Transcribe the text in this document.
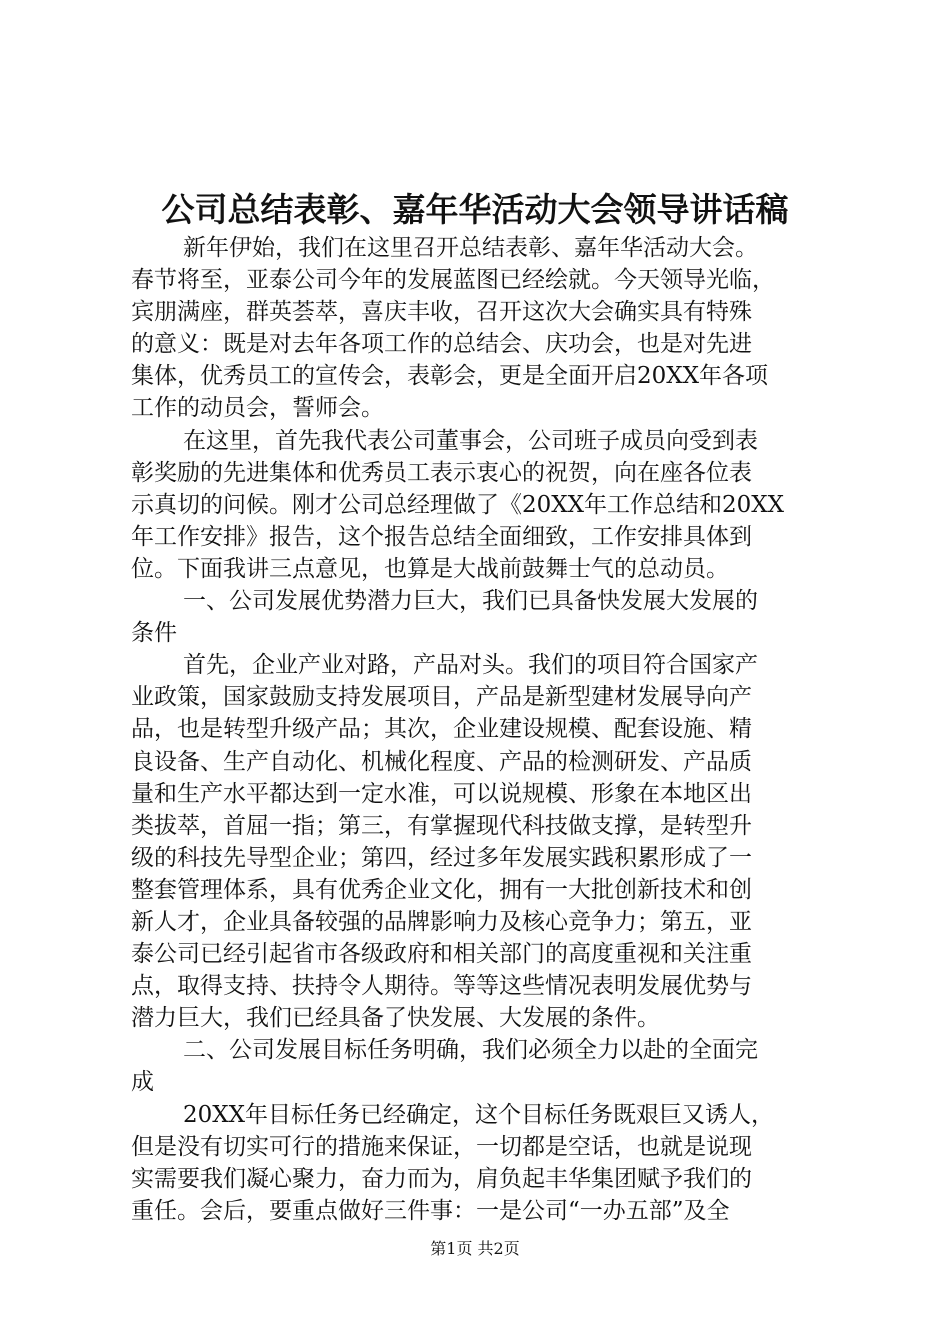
公司总结表彰、嘉年华活动大会领导讲话稿
新年伊始，我们在这里召开总结表彰、嘉年华活动大会。
春节将至，亚泰公司今年的发展蓝图已经绘就。今天领导光临，
宾朋满座，群英荟萃，喜庆丰收，召开这次大会确实具有特殊
的意义：既是对去年各项工作的总结会、庆功会，也是对先进
集体，优秀员工的宣传会，表彰会，更是全面开启20XX年各项
工作的动员会，誓师会。
在这里，首先我代表公司董事会，公司班子成员向受到表
彰奖励的先进集体和优秀员工表示衷心的祝贺，向在座各位表
示真切的问候。刚才公司总经理做了《20XX年工作总结和20XX
年工作安排》报告，这个报告总结全面细致，工作安排具体到
位。下面我讲三点意见，也算是大战前鼓舞士气的总动员。
一、公司发展优势潜力巨大，我们已具备快发展大发展的
条件
首先，企业产业对路，产品对头。我们的项目符合国家产
业政策，国家鼓励支持发展项目，产品是新型建材发展导向产
品，也是转型升级产品；其次，企业建设规模、配套设施、精
良设备、生产自动化、机械化程度、产品的检测研发、产品质
量和生产水平都达到一定水准，可以说规模、形象在本地区出
类拔萃，首屈一指；第三，有掌握现代科技做支撑，是转型升
级的科技先导型企业；第四，经过多年发展实践积累形成了一
整套管理体系，具有优秀企业文化，拥有一大批创新技术和创
新人才，企业具备较强的品牌影响力及核心竞争力；第五，亚
泰公司已经引起省市各级政府和相关部门的高度重视和关注重
点，取得支持、扶持令人期待。等等这些情况表明发展优势与
潜力巨大，我们已经具备了快发展、大发展的条件。
二、公司发展目标任务明确，我们必须全力以赴的全面完
成
20XX年目标任务已经确定，这个目标任务既艰巨又诱人，
但是没有切实可行的措施来保证，一切都是空话，也就是说现
实需要我们凝心聚力，奋力而为，肩负起丰华集团赋予我们的
重任。会后，要重点做好三件事：一是公司“一办五部”及全
第1页 共2页
